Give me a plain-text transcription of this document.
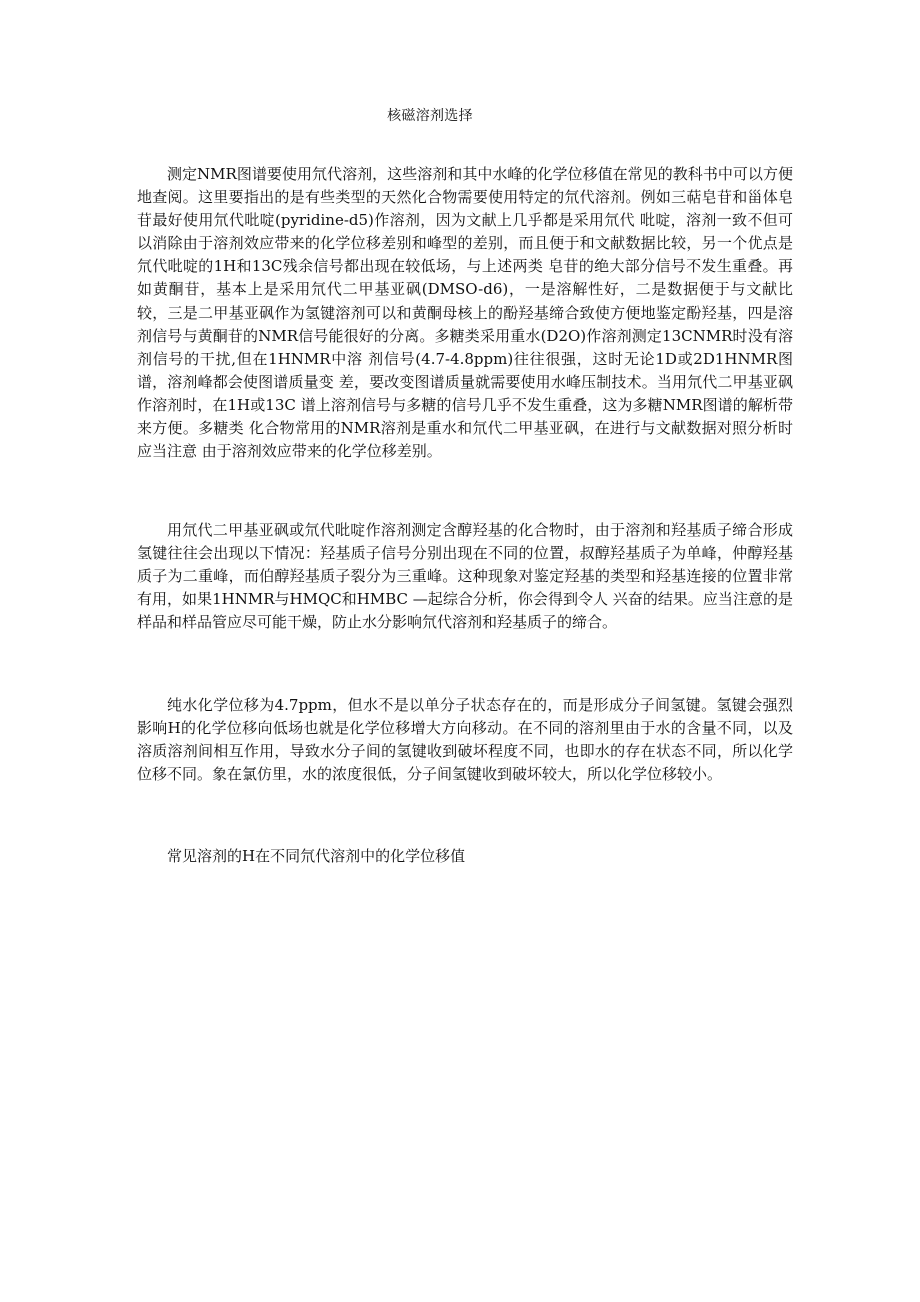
核磁溶剂选择

测定NMR图谱要使用氘代溶剂，这些溶剂和其中水峰的化学位移值在常见的教科书中可以方便地查阅。这里要指出的是有些类型的天然化合物需要使用特定的氘代溶剂。例如三萜皂苷和甾体皂苷最好使用氘代吡啶(pyridine-d5)作溶剂，因为文献上几乎都是采用氘代 吡啶，溶剂一致不但可以消除由于溶剂效应带来的化学位移差别和峰型的差别，而且便于和文献数据比较，另一个优点是氘代吡啶的1H和13C残余信号都出现在较低场，与上述两类 皂苷的绝大部分信号不发生重叠。再如黄酮苷，基本上是采用氘代二甲基亚砜(DMSO-d6)，一是溶解性好，二是数据便于与文献比较，三是二甲基亚砜作为氢键溶剂可以和黄酮母核上的酚羟基缔合致使方便地鉴定酚羟基，四是溶剂信号与黄酮苷的NMR信号能很好的分离。多糖类采用重水(D2O)作溶剂测定13CNMR时没有溶剂信号的干扰,但在1HNMR中溶 剂信号(4.7-4.8ppm)往往很强，这时无论1D或2D1HNMR图谱，溶剂峰都会使图谱质量变 差，要改变图谱质量就需要使用水峰压制技术。当用氘代二甲基亚砜作溶剂时，在1H或13C 谱上溶剂信号与多糖的信号几乎不发生重叠，这为多糖NMR图谱的解析带来方便。多糖类 化合物常用的NMR溶剂是重水和氘代二甲基亚砜，在进行与文献数据对照分析时应当注意 由于溶剂效应带来的化学位移差别。

用氘代二甲基亚砜或氘代吡啶作溶剂测定含醇羟基的化合物时，由于溶剂和羟基质子缔合形成氢键往往会出现以下情况：羟基质子信号分别出现在不同的位置，叔醇羟基质子为单峰，仲醇羟基质子为二重峰，而伯醇羟基质子裂分为三重峰。这种现象对鉴定羟基的类型和羟基连接的位置非常有用，如果1HNMR与HMQC和HMBC —起综合分析，你会得到令人 兴奋的结果。应当注意的是样品和样品管应尽可能干燥，防止水分影响氘代溶剂和羟基质子的缔合。

纯水化学位移为4.7ppm，但水不是以单分子状态存在的，而是形成分子间氢键。氢键会强烈影响H的化学位移向低场也就是化学位移增大方向移动。在不同的溶剂里由于水的含量不同，以及溶质溶剂间相互作用，导致水分子间的氢键收到破坏程度不同，也即水的存在状态不同，所以化学位移不同。象在氯仿里，水的浓度很低，分子间氢键收到破坏较大，所以化学位移较小。

常见溶剂的H在不同氘代溶剂中的化学位移值
